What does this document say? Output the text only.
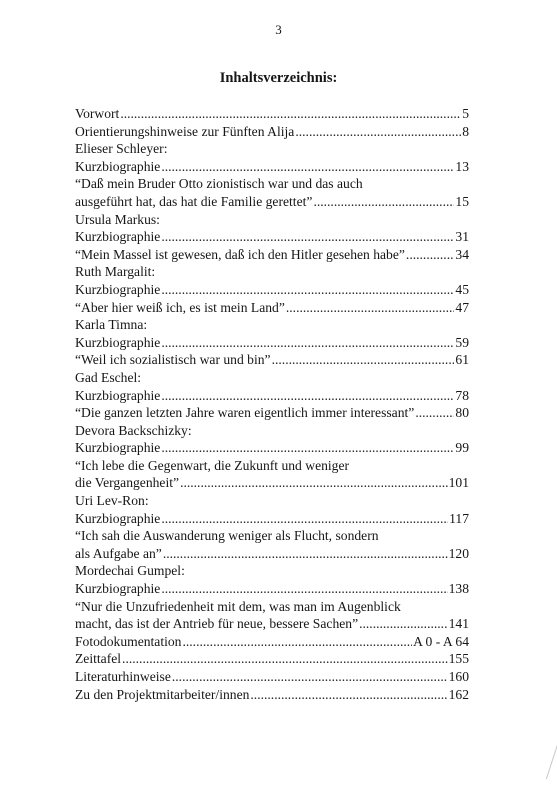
3
Inhaltsverzeichnis:
Vorwort .....	5
Orientierungshinweise zur Fünften Alija .....	8
Elieser Schleyer:
Kurzbiographie .....	13
“Daß mein Bruder Otto zionistisch war und das auch
ausgeführt hat, das hat die Familie gerettet” .....	15
Ursula Markus:
Kurzbiographie .....	31
“Mein Massel ist gewesen, daß ich den Hitler gesehen habe” .....	34
Ruth Margalit:
Kurzbiographie .....	45
“Aber hier weiß ich, es ist mein Land” .....	47
Karla Timna:
Kurzbiographie .....	59
“Weil ich sozialistisch war und bin” .....	61
Gad Eschel:
Kurzbiographie .....	78
“Die ganzen letzten Jahre waren eigentlich immer interessant” .....	80
Devora Backschizky:
Kurzbiographie .....	99
“Ich lebe die Gegenwart, die Zukunft und weniger
die Vergangenheit” .....	101
Uri Lev-Ron:
Kurzbiographie .....	117
“Ich sah die Auswanderung weniger als Flucht, sondern
als Aufgabe an” .....	120
Mordechai Gumpel:
Kurzbiographie .....	138
“Nur die Unzufriedenheit mit dem, was man im Augenblick
macht, das ist der Antrieb für neue, bessere Sachen” .....	141
Fotodokumentation .....	A 0 - A 64
Zeittafel .....	155
Literaturhinweise .....	160
Zu den Projektmitarbeiter/innen .....	162
